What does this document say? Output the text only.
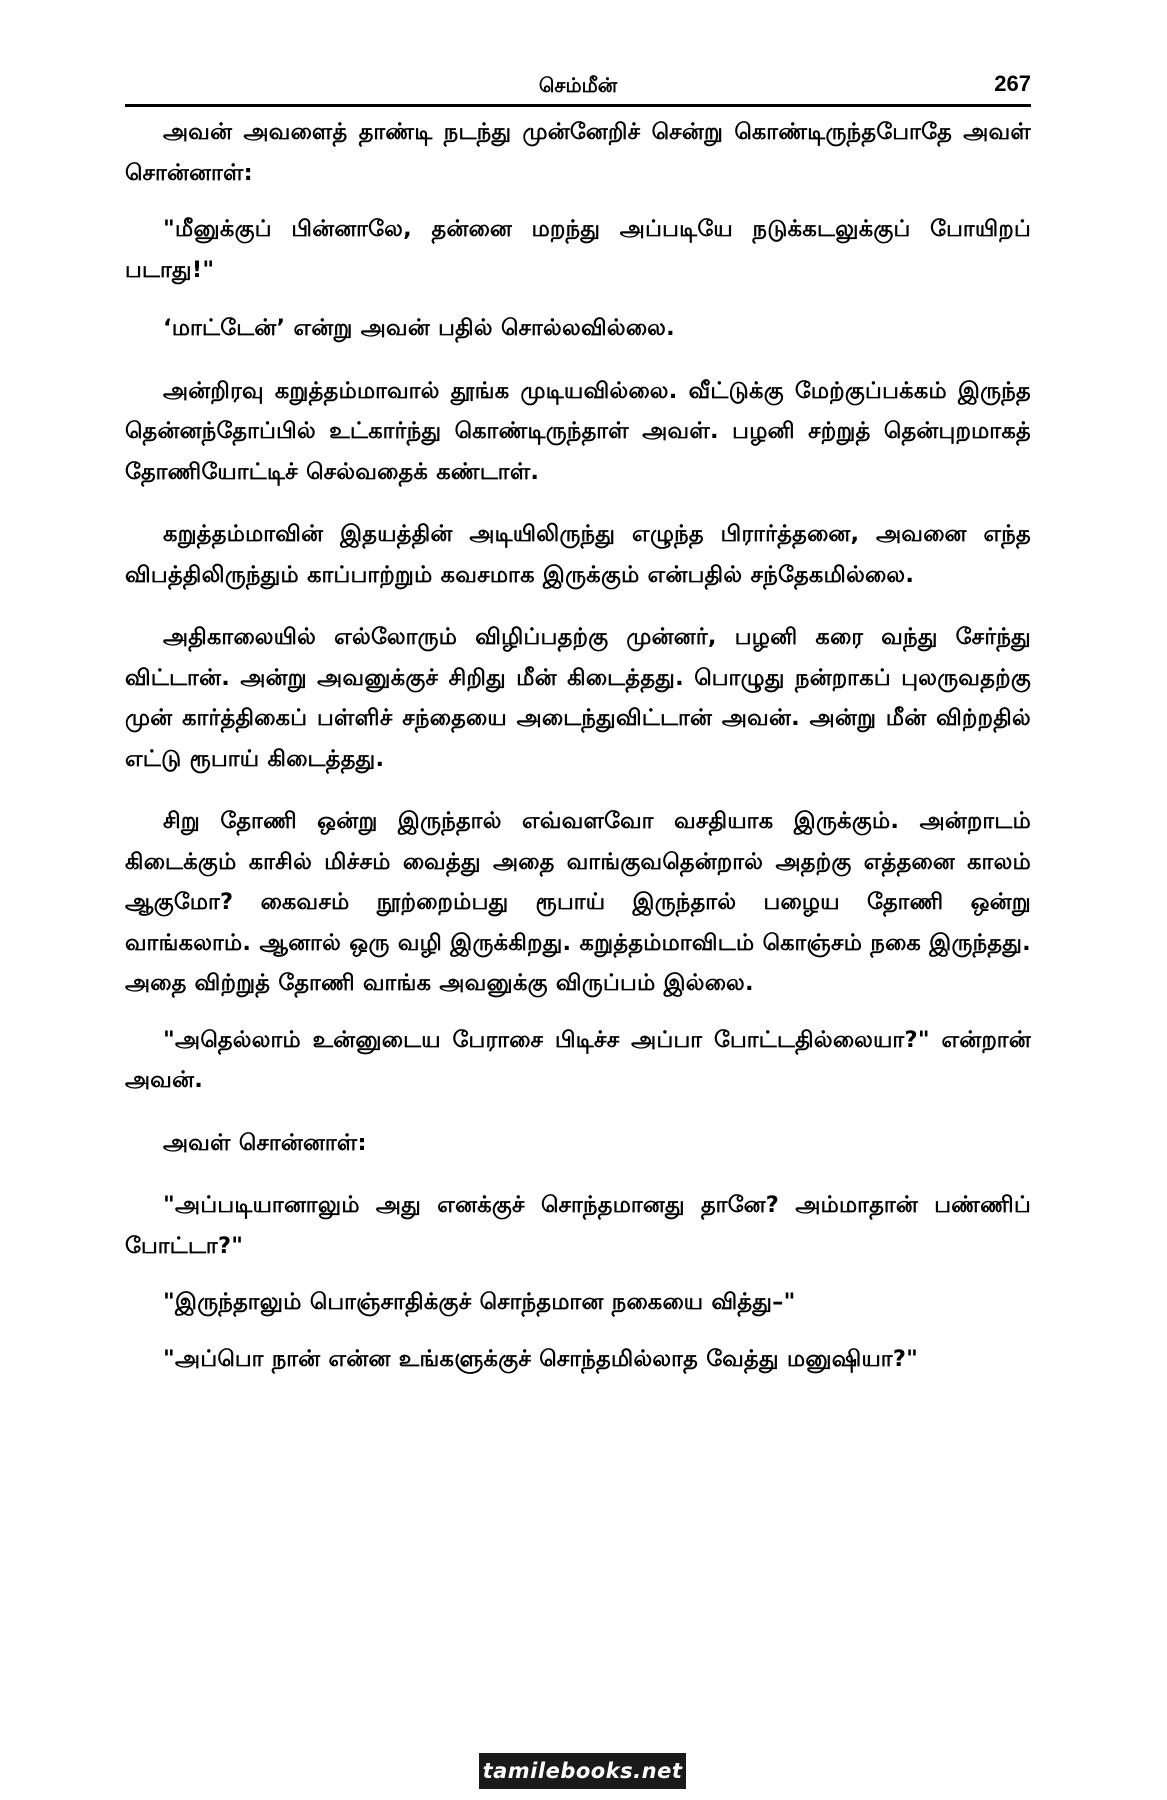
செம்மீன்	267

அவன் அவளைத் தாண்டி நடந்து முன்னேறிச் சென்று கொண்டிருந்தபோதே அவள் சொன்னாள்:

"மீனுக்குப் பின்னாலே, தன்னை மறந்து அப்படியே நடுக்கடலுக்குப் போயிறப் படாது!"

‘மாட்டேன்’ என்று அவன் பதில் சொல்லவில்லை.

அன்றிரவு கறுத்தம்மாவால் தூங்க முடியவில்லை. வீட்டுக்கு மேற்குப்பக்கம் இருந்த தென்னந்தோப்பில் உட்கார்ந்து கொண்டிருந்தாள் அவள். பழனி சற்றுத் தென்புறமாகத் தோணியோட்டிச் செல்வதைக் கண்டாள்.

கறுத்தம்மாவின் இதயத்தின் அடியிலிருந்து எழுந்த பிரார்த்தனை, அவனை எந்த விபத்திலிருந்தும் காப்பாற்றும் கவசமாக இருக்கும் என்பதில் சந்தேகமில்லை.

அதிகாலையில் எல்லோரும் விழிப்பதற்கு முன்னர், பழனி கரை வந்து சேர்ந்து விட்டான். அன்று அவனுக்குச் சிறிது மீன் கிடைத்தது. பொழுது நன்றாகப் புலருவதற்கு முன் கார்த்திகைப் பள்ளிச் சந்தையை அடைந்துவிட்டான் அவன். அன்று மீன் விற்றதில் எட்டு ரூபாய் கிடைத்தது.

சிறு தோணி ஒன்று இருந்தால் எவ்வளவோ வசதியாக இருக்கும். அன்றாடம் கிடைக்கும் காசில் மிச்சம் வைத்து அதை வாங்குவதென்றால் அதற்கு எத்தனை காலம் ஆகுமோ? கைவசம் நூற்றைம்பது ரூபாய் இருந்தால் பழைய தோணி ஒன்று வாங்கலாம். ஆனால் ஒரு வழி இருக்கிறது. கறுத்தம்மாவிடம் கொஞ்சம் நகை இருந்தது. அதை விற்றுத் தோணி வாங்க அவனுக்கு விருப்பம் இல்லை.

"அதெல்லாம் உன்னுடைய பேராசை பிடிச்ச அப்பா போட்டதில்லையா?" என்றான் அவன்.

அவள் சொன்னாள்:

"அப்படியானாலும் அது எனக்குச் சொந்தமானது தானே? அம்மாதான் பண்ணிப் போட்டா?"

"இருந்தாலும் பொஞ்சாதிக்குச் சொந்தமான நகையை வித்து–"

"அப்பொ நான் என்ன உங்களுக்குச் சொந்தமில்லாத வேத்து மனுஷியா?"

tamilebooks.net
